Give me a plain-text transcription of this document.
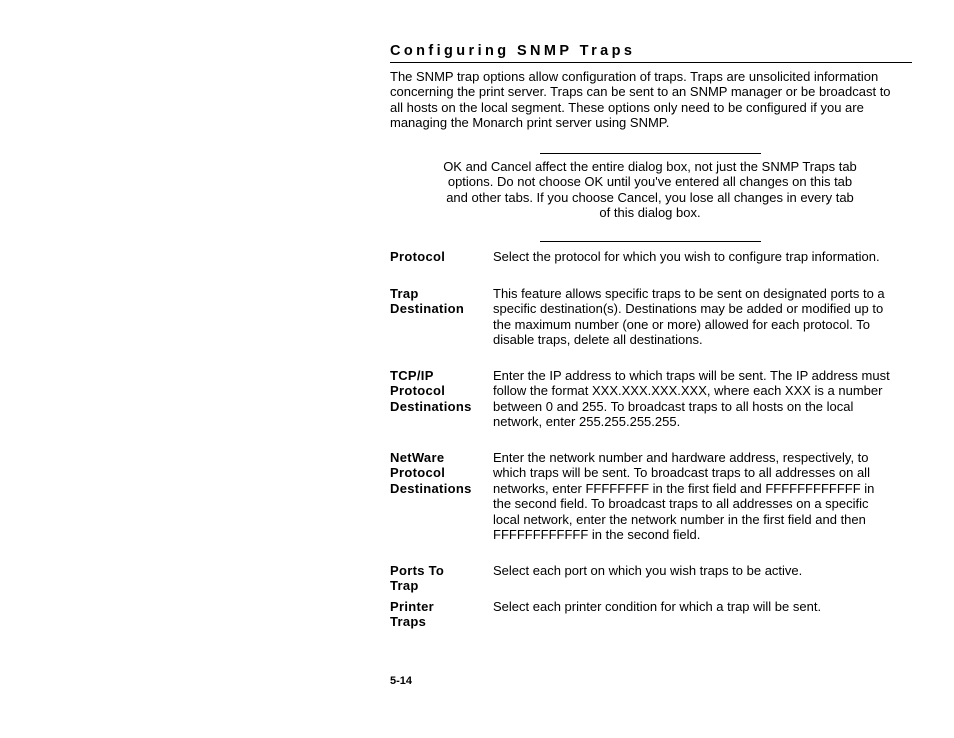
Configuring SNMP Traps

The SNMP trap options allow configuration of traps. Traps are unsolicited information concerning the print server. Traps can be sent to an SNMP manager or be broadcast to all hosts on the local segment. These options only need to be configured if you are managing the Monarch print server using SNMP.

OK and Cancel affect the entire dialog box, not just the SNMP Traps tab options. Do not choose OK until you've entered all changes on this tab and other tabs. If you choose Cancel, you lose all changes in every tab of this dialog box.

Protocol	Select the protocol for which you wish to configure trap information.
Trap
Destination
This feature allows specific traps to be sent on designated ports to a specific destination(s). Destinations may be added or modified up to the maximum number (one or more) allowed for each protocol. To disable traps, delete all destinations.
TCP/IP
Protocol
Destinations
Enter the IP address to which traps will be sent. The IP address must follow the format XXX.XXX.XXX.XXX, where each XXX is a number between 0 and 255. To broadcast traps to all hosts on the local network, enter 255.255.255.255.
NetWare
Protocol
Destinations
Enter the network number and hardware address, respectively, to which traps will be sent. To broadcast traps to all addresses on all networks, enter FFFFFFFF in the first field and FFFFFFFFFFFF in the second field. To broadcast traps to all addresses on a specific local network, enter the network number in the first field and then FFFFFFFFFFFF in the second field.
Ports To
Trap
Select each port on which you wish traps to be active.
Printer
Traps
Select each printer condition for which a trap will be sent.
5-14
